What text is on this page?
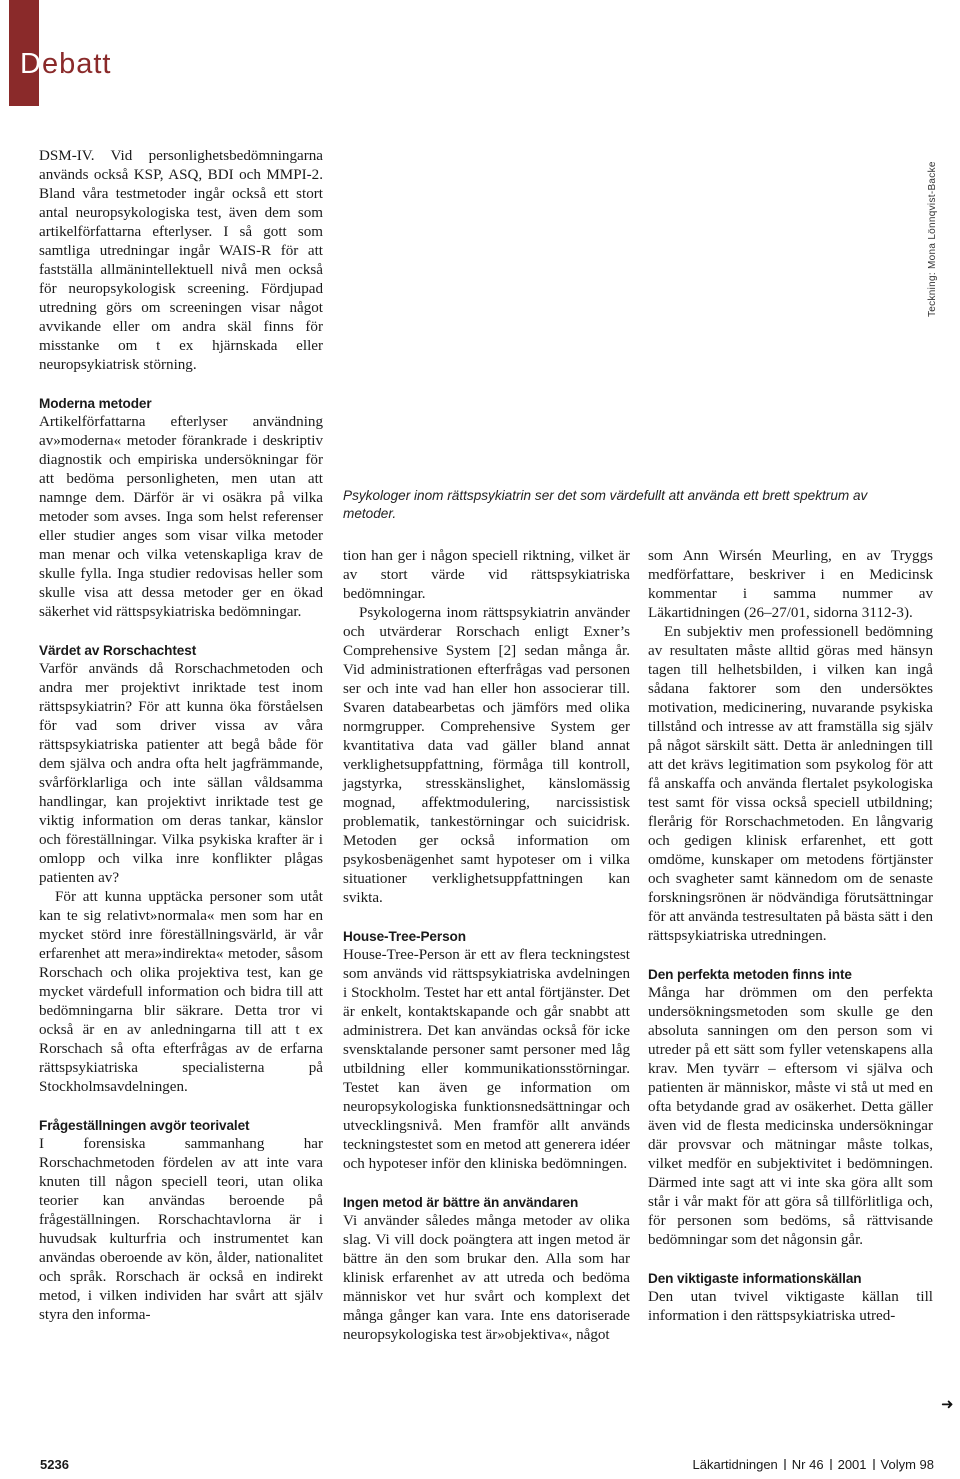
Debatt
Teckning: Mona Lönnqvist-Backe

Psykologer inom rättspsykiatrin ser det som värdefullt att använda ett brett spektrum av metoder.

DSM-IV. Vid personlighetsbedömningarna används också KSP, ASQ, BDI och MMPI-2. Bland våra testmetoder ingår också ett stort antal neuropsykologiska test, även dem som artikelförfattarna efterlyser. I så gott som samtliga utredningar ingår WAIS-R för att fastställa allmänintellektuell nivå men också för neuropsykologisk screening. Fördjupad utredning görs om screeningen visar något avvikande eller om andra skäl finns för misstanke om t ex hjärnskada eller neuropsykiatrisk störning.

Moderna metoder

Artikelförfattarna efterlyser användning av»moderna« metoder förankrade i deskriptiv diagnostik och empiriska undersökningar för att bedöma personligheten, men utan att namnge dem. Därför är vi osäkra på vilka metoder som avses. Inga som helst referenser eller studier anges som visar vilka metoder man menar och vilka vetenskapliga krav de skulle fylla. Inga studier redovisas heller som skulle visa att dessa metoder ger en ökad säkerhet vid rättspsykiatriska bedömningar.

Värdet av Rorschachtest

Varför används då Rorschachmetoden och andra mer projektivt inriktade test inom rättspsykiatrin? För att kunna öka förståelsen för vad som driver vissa av våra rättspsykiatriska patienter att begå både för dem själva och andra ofta helt jagfrämmande, svårförklarliga och inte sällan våldsamma handlingar, kan projektivt inriktade test ge viktig information om deras tankar, känslor och föreställningar. Vilka psykiska krafter är i omlopp och vilka inre konflikter plågas patienten av?

För att kunna upptäcka personer som utåt kan te sig relativt»normala« men som har en mycket störd inre föreställningsvärld, är vår erfarenhet att mera»indirekta« metoder, såsom Rorschach och olika projektiva test, kan ge mycket värdefull information och bidra till att bedömningarna blir säkrare. Detta tror vi också är en av anledningarna till att t ex Rorschach så ofta efterfrågas av de erfarna rättspsykiatriska specialisterna på Stockholmsavdelningen.

Frågeställningen avgör teorivalet

I forensiska sammanhang har Rorschachmetoden fördelen av att inte vara knuten till någon speciell teori, utan olika teorier kan användas beroende på frågeställningen. Rorschachtavlorna är i huvudsak kulturfria och instrumentet kan användas oberoende av kön, ålder, nationalitet och språk. Rorschach är också en indirekt metod, i vilken individen har svårt att själv styra den informa-

tion han ger i någon speciell riktning, vilket är av stort värde vid rättspsykiatriska bedömningar.

Psykologerna inom rättspsykiatrin använder och utvärderar Rorschach enligt Exner’s Comprehensive System [2] sedan många år. Vid administrationen efterfrågas vad personen ser och inte vad han eller hon associerar till. Svaren databearbetas och jämförs med olika normgrupper. Comprehensive System ger kvantitativa data vad gäller bland annat verklighetsuppfattning, förmåga till kontroll, jagstyrka, stresskänslighet, känslomässig mognad, affektmodulering, narcissistisk problematik, tankestörningar och suicidrisk. Metoden ger också information om psykosbenägenhet samt hypoteser om i vilka situationer verklighetsuppfattningen kan svikta.

House-Tree-Person

House-Tree-Person är ett av flera teckningstest som används vid rättspsykiatriska avdelningen i Stockholm. Testet har ett antal förtjänster. Det är enkelt, kontaktskapande och går snabbt att administrera. Det kan användas också för icke svensktalande personer samt personer med låg utbildning eller kommunikationsstörningar. Testet kan även ge information om neuropsykologiska funktionsnedsättningar och utvecklingsnivå. Men framför allt används teckningstestet som en metod att generera idéer och hypoteser inför den kliniska bedömningen.

Ingen metod är bättre än användaren

Vi använder således många metoder av olika slag. Vi vill dock poängtera att ingen metod är bättre än den som brukar den. Alla som har klinisk erfarenhet av att utreda och bedöma människor vet hur svårt och komplext det många gånger kan vara. Inte ens datoriserade neuropsykologiska test är»objektiva«, något

som Ann Wirsén Meurling, en av Tryggs medförfattare, beskriver i en Medicinsk kommentar i samma nummer av Läkartidningen (26–27/01, sidorna 3112-3).

En subjektiv men professionell bedömning av resultaten måste alltid göras med hänsyn tagen till helhetsbilden, i vilken kan ingå sådana faktorer som den undersöktes motivation, medicinering, nuvarande psykiska tillstånd och intresse av att framställa sig själv på något särskilt sätt. Detta är anledningen till att det krävs legitimation som psykolog för att få anskaffa och använda flertalet psykologiska test samt för vissa också speciell utbildning; flerårig för Rorschachmetoden. En långvarig och gedigen klinisk erfarenhet, ett gott omdöme, kunskaper om metodens förtjänster och svagheter samt kännedom om de senaste forskningsrönen är nödvändiga förutsättningar för att använda testresultaten på bästa sätt i den rättspsykiatriska utredningen.

Den perfekta metoden finns inte

Många har drömmen om den perfekta undersökningsmetoden som skulle ge den absoluta sanningen om den person som vi utreder på ett sätt som fyller vetenskapens alla krav. Men tyvärr – eftersom vi själva och patienten är människor, måste vi stå ut med en ofta betydande grad av osäkerhet. Detta gäller även vid de flesta medicinska undersökningar där provsvar och mätningar måste tolkas, vilket medför en subjektivitet i bedömningen. Därmed inte sagt att vi inte ska göra allt som står i vår makt för att göra så tillförlitliga och, för personen som bedöms, så rättvisande bedömningar som det någonsin går.

Den viktigaste informationskällan

Den utan tvivel viktigaste källan till information i den rättspsykiatriska utred-

➜
5236	Läkartidningen Nr 46 2001 Volym 98
